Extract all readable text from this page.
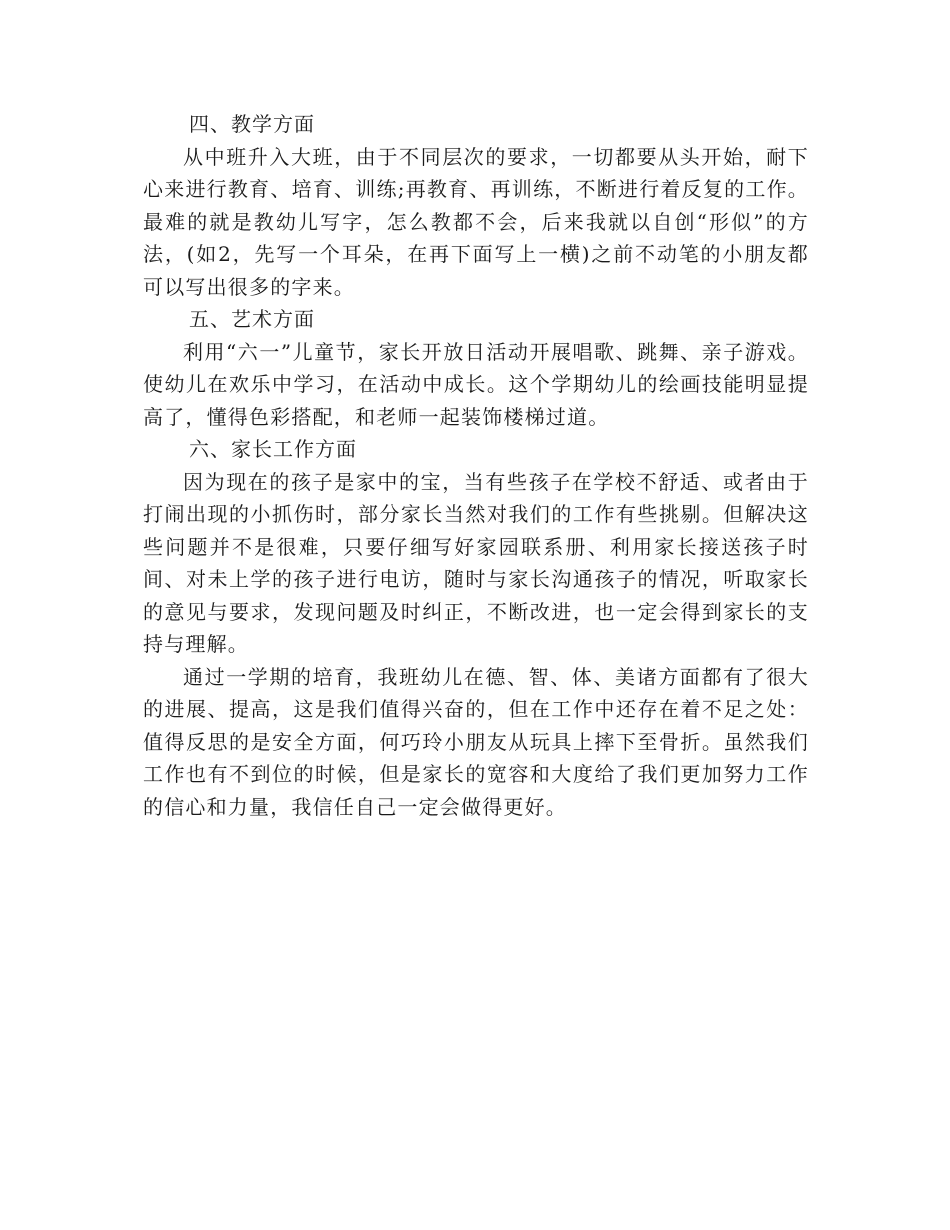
四、教学方面

从中班升入大班，由于不同层次的要求，一切都要从头开始，耐下心来进行教育、培育、训练;再教育、再训练，不断进行着反复的工作。最难的就是教幼儿写字，怎么教都不会，后来我就以自创“形似”的方法，(如2，先写一个耳朵，在再下面写上一横)之前不动笔的小朋友都可以写出很多的字来。

五、艺术方面

利用“六一”儿童节，家长开放日活动开展唱歌、跳舞、亲子游戏。使幼儿在欢乐中学习，在活动中成长。这个学期幼儿的绘画技能明显提高了，懂得色彩搭配，和老师一起装饰楼梯过道。

六、家长工作方面

因为现在的孩子是家中的宝，当有些孩子在学校不舒适、或者由于打闹出现的小抓伤时，部分家长当然对我们的工作有些挑剔。但解决这些问题并不是很难，只要仔细写好家园联系册、利用家长接送孩子时间、对未上学的孩子进行电访，随时与家长沟通孩子的情况，听取家长的意见与要求，发现问题及时纠正，不断改进，也一定会得到家长的支持与理解。

通过一学期的培育，我班幼儿在德、智、体、美诸方面都有了很大的进展、提高，这是我们值得兴奋的，但在工作中还存在着不足之处：值得反思的是安全方面，何巧玲小朋友从玩具上摔下至骨折。虽然我们工作也有不到位的时候，但是家长的宽容和大度给了我们更加努力工作的信心和力量，我信任自己一定会做得更好。
